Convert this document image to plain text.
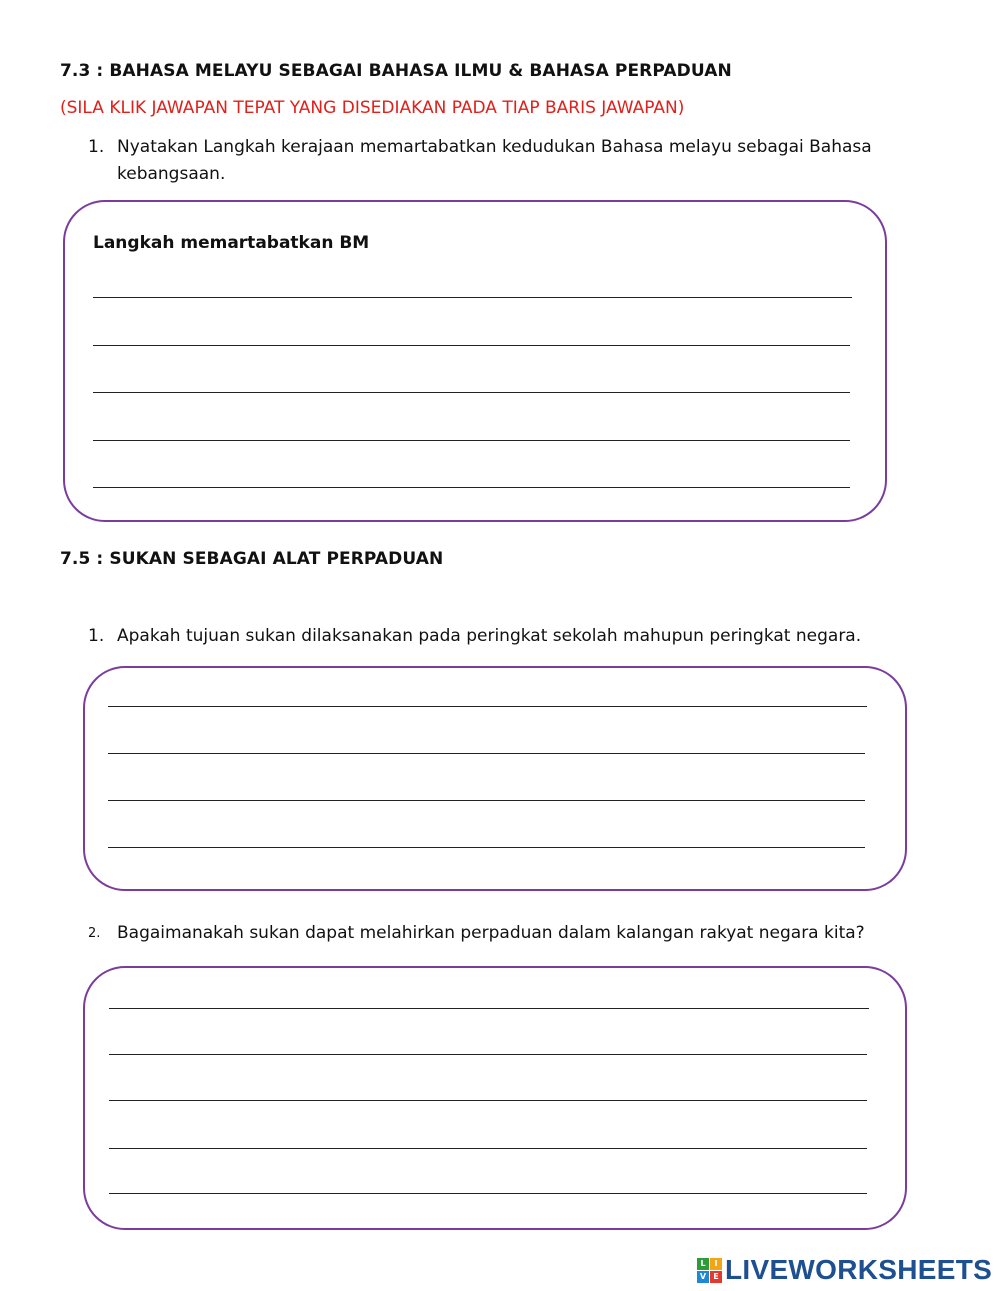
7.3 : BAHASA MELAYU SEBAGAI BAHASA ILMU & BAHASA PERPADUAN
(SILA KLIK JAWAPAN TEPAT YANG DISEDIAKAN PADA TIAP BARIS JAWAPAN)
1. Nyatakan Langkah kerajaan memartabatkan kedudukan Bahasa melayu sebagai Bahasa
kebangsaan.
Langkah memartabatkan BM
7.5 : SUKAN SEBAGAI ALAT PERPADUAN
1. Apakah tujuan sukan dilaksanakan pada peringkat sekolah mahupun peringkat negara.
2. Bagaimanakah sukan dapat melahirkan perpaduan dalam kalangan rakyat negara kita?
L	I
V E LIVEWORKSHEETS
